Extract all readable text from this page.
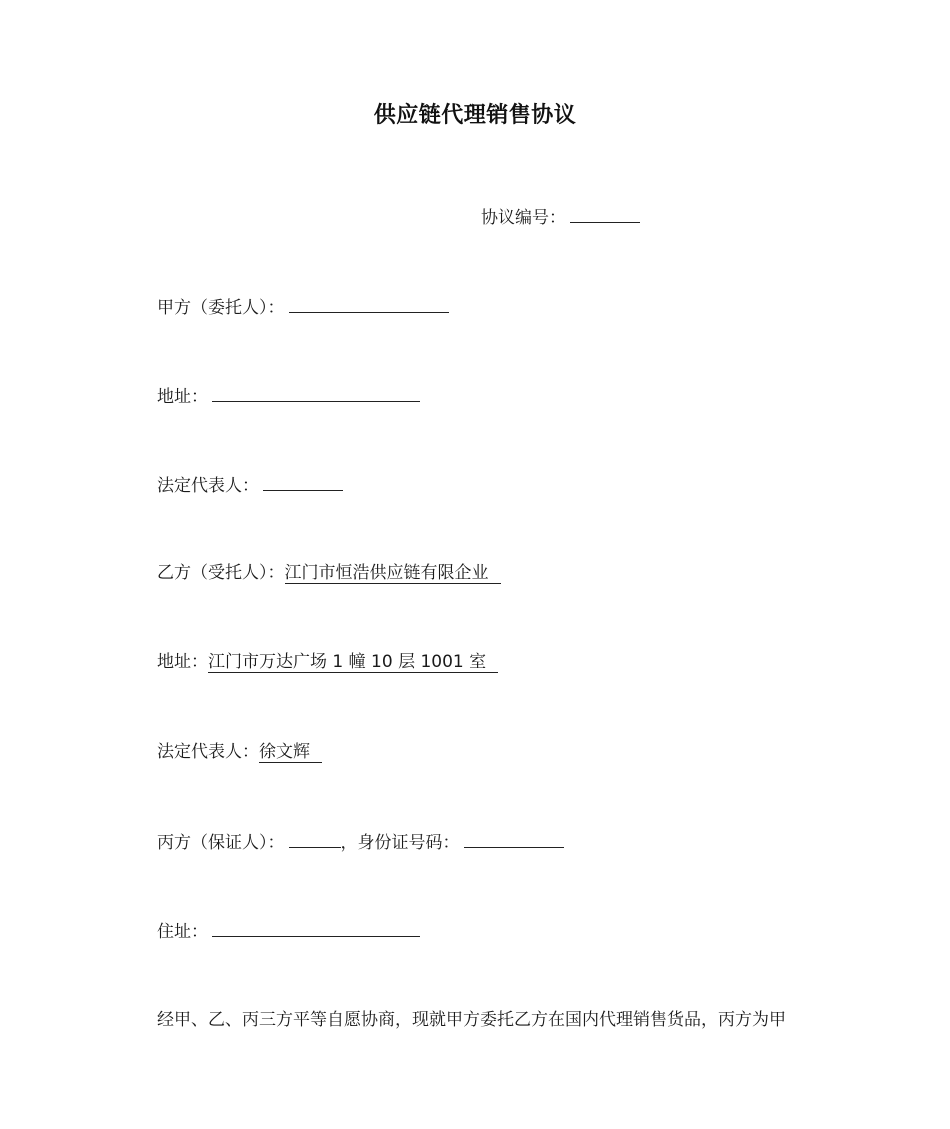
供应链代理销售协议
协议编号：
甲方（委托人）：
地址：
法定代表人：
乙方（受托人）：江门市恒浩供应链有限企业
地址：江门市万达广场 1 幢 10 层 1001 室
法定代表人：徐文辉
丙方（保证人）：	，身份证号码：
住址：
经甲、乙、丙三方平等自愿协商，现就甲方委托乙方在国内代理销售货品，丙方为甲
